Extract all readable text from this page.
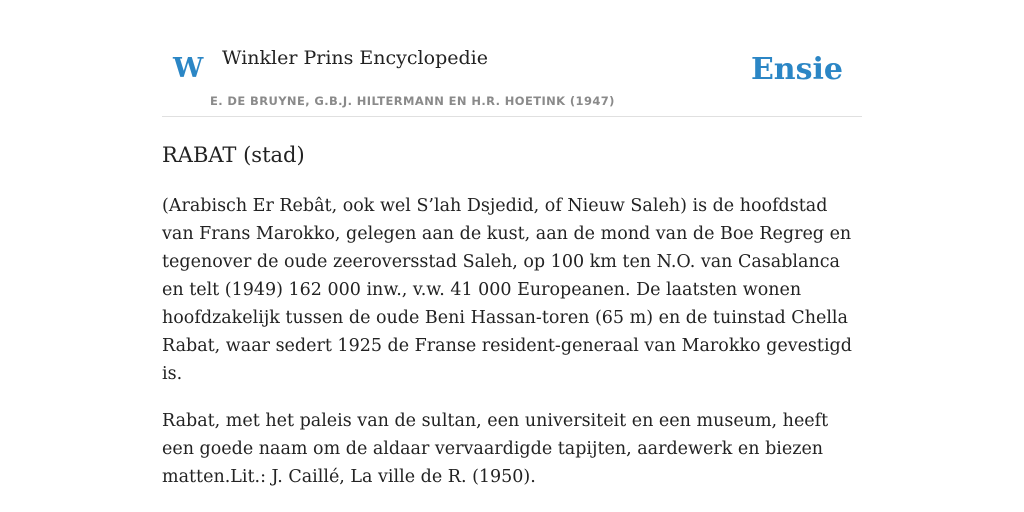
W Winkler Prins Encyclopedie
E. DE BRUYNE, G.B.J. HILTERMANN EN H.R. HOETINK (1947)
Ensie
RABAT (stad)

(Arabisch Er Rebât, ook wel S’lah Dsjedid, of Nieuw Saleh) is de hoofdstad van Frans Marokko, gelegen aan de kust, aan de mond van de Boe Regreg en tegenover de oude zeeroversstad Saleh, op 100 km ten N.O. van Casablanca en telt (1949) 162 000 inw., v.w. 41 000 Europeanen. De laatsten wonen hoofdzakelijk tussen de oude Beni Hassan-toren (65 m) en de tuinstad Chella Rabat, waar sedert 1925 de Franse resident-generaal van Marokko gevestigd is.

Rabat, met het paleis van de sultan, een universiteit en een museum, heeft een goede naam om de aldaar vervaardigde tapijten, aardewerk en biezen matten.Lit.: J. Caillé, La ville de R. (1950).
